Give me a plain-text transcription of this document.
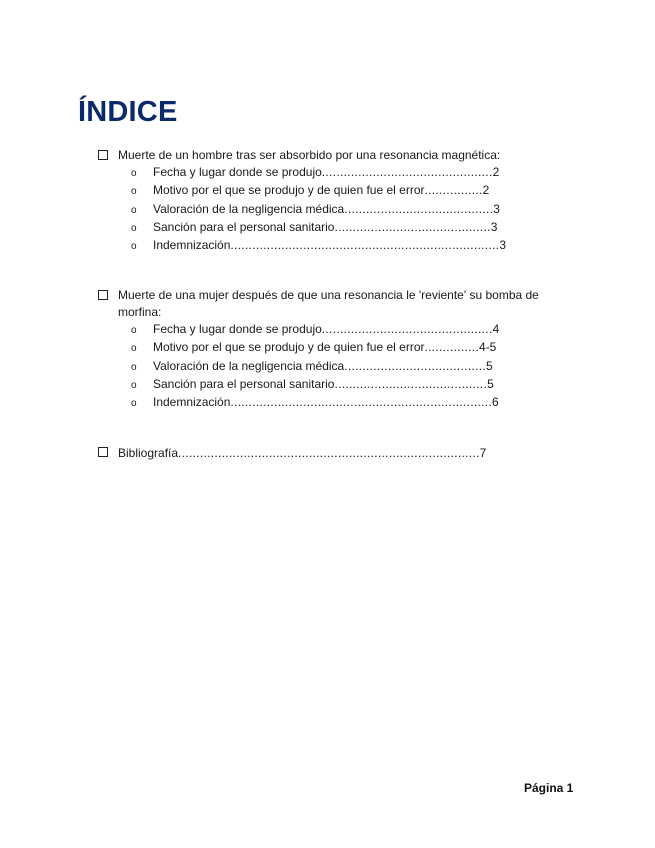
ÍNDICE
Muerte de un hombre tras ser absorbido por una resonancia magnética:
o	Fecha y lugar donde se produjo ............................................... 2
o	Motivo por el que se produjo y de quien fue el error ................ 2
o	Valoración de la negligencia médica ......................................... 3
o	Sanción para el personal sanitario ........................................... 3
o	Indemnización .......................................................................... 3
Muerte de una mujer después de que una resonancia le 'reviente' su bomba de morfina:
o	Fecha y lugar donde se produjo ............................................... 4
o	Motivo por el que se produjo y de quien fue el error ............... 4-5
o	Valoración de la negligencia médica ....................................... 5
o	Sanción para el personal sanitario .......................................... 5
o	Indemnización ........................................................................ 6
Bibliografía ................................................................................... 7
Página 1
